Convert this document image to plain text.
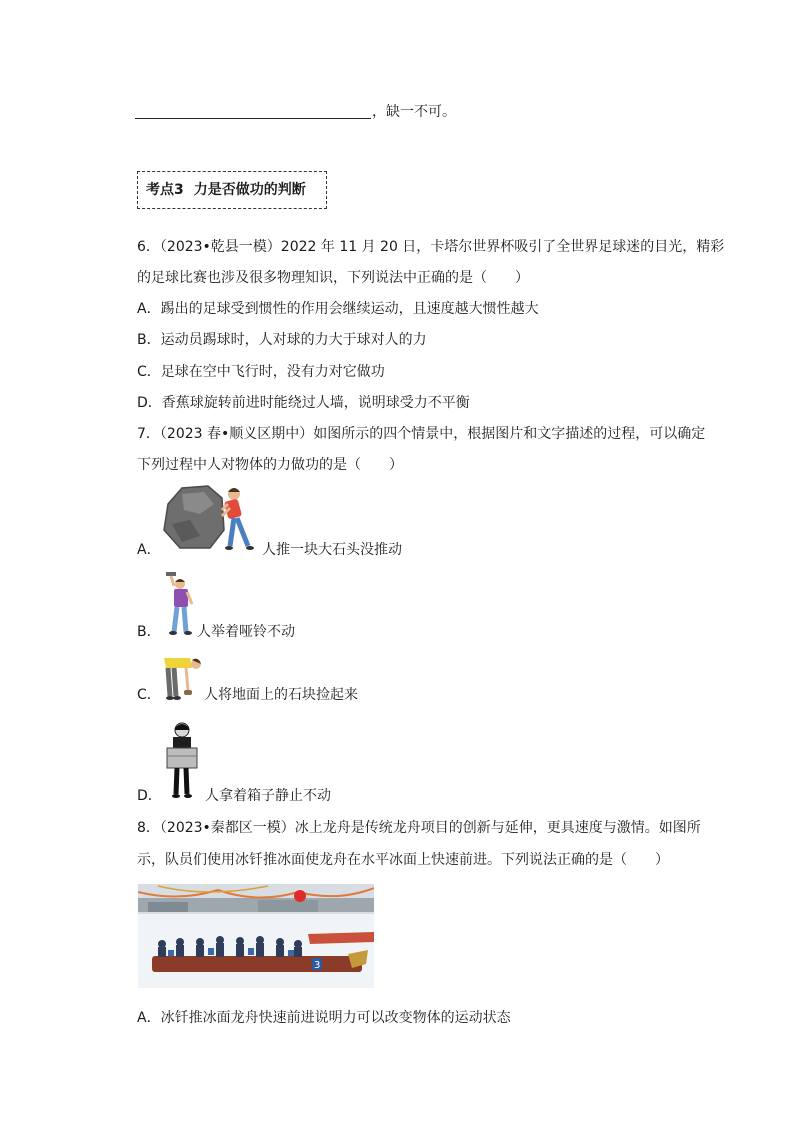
，缺一不可。
考点3 力是否做功的判断
6．（2023•乾县一模）2022 年 11 月 20 日，卡塔尔世界杯吸引了全世界足球迷的目光，精彩
的足球比赛也涉及很多物理知识，下列说法中正确的是（　　）
A．踢出的足球受到惯性的作用会继续运动，且速度越大惯性越大
B．运动员踢球时，人对球的力大于球对人的力
C．足球在空中飞行时，没有力对它做功
D．香蕉球旋转前进时能绕过人墙，说明球受力不平衡
7．（2023 春•顺义区期中）如图所示的四个情景中，根据图片和文字描述的过程，可以确定
下列过程中人对物体的力做功的是（　　）
A．	人推一块大石头没推动
B．	人举着哑铃不动
C．	人将地面上的石块捡起来
D．	人拿着箱子静止不动
8．（2023•秦都区一模）冰上龙舟是传统龙舟项目的创新与延伸，更具速度与激情。如图所
示，队员们使用冰钎推冰面使龙舟在水平冰面上快速前进。下列说法正确的是（　　）
3
A．冰钎推冰面龙舟快速前进说明力可以改变物体的运动状态
